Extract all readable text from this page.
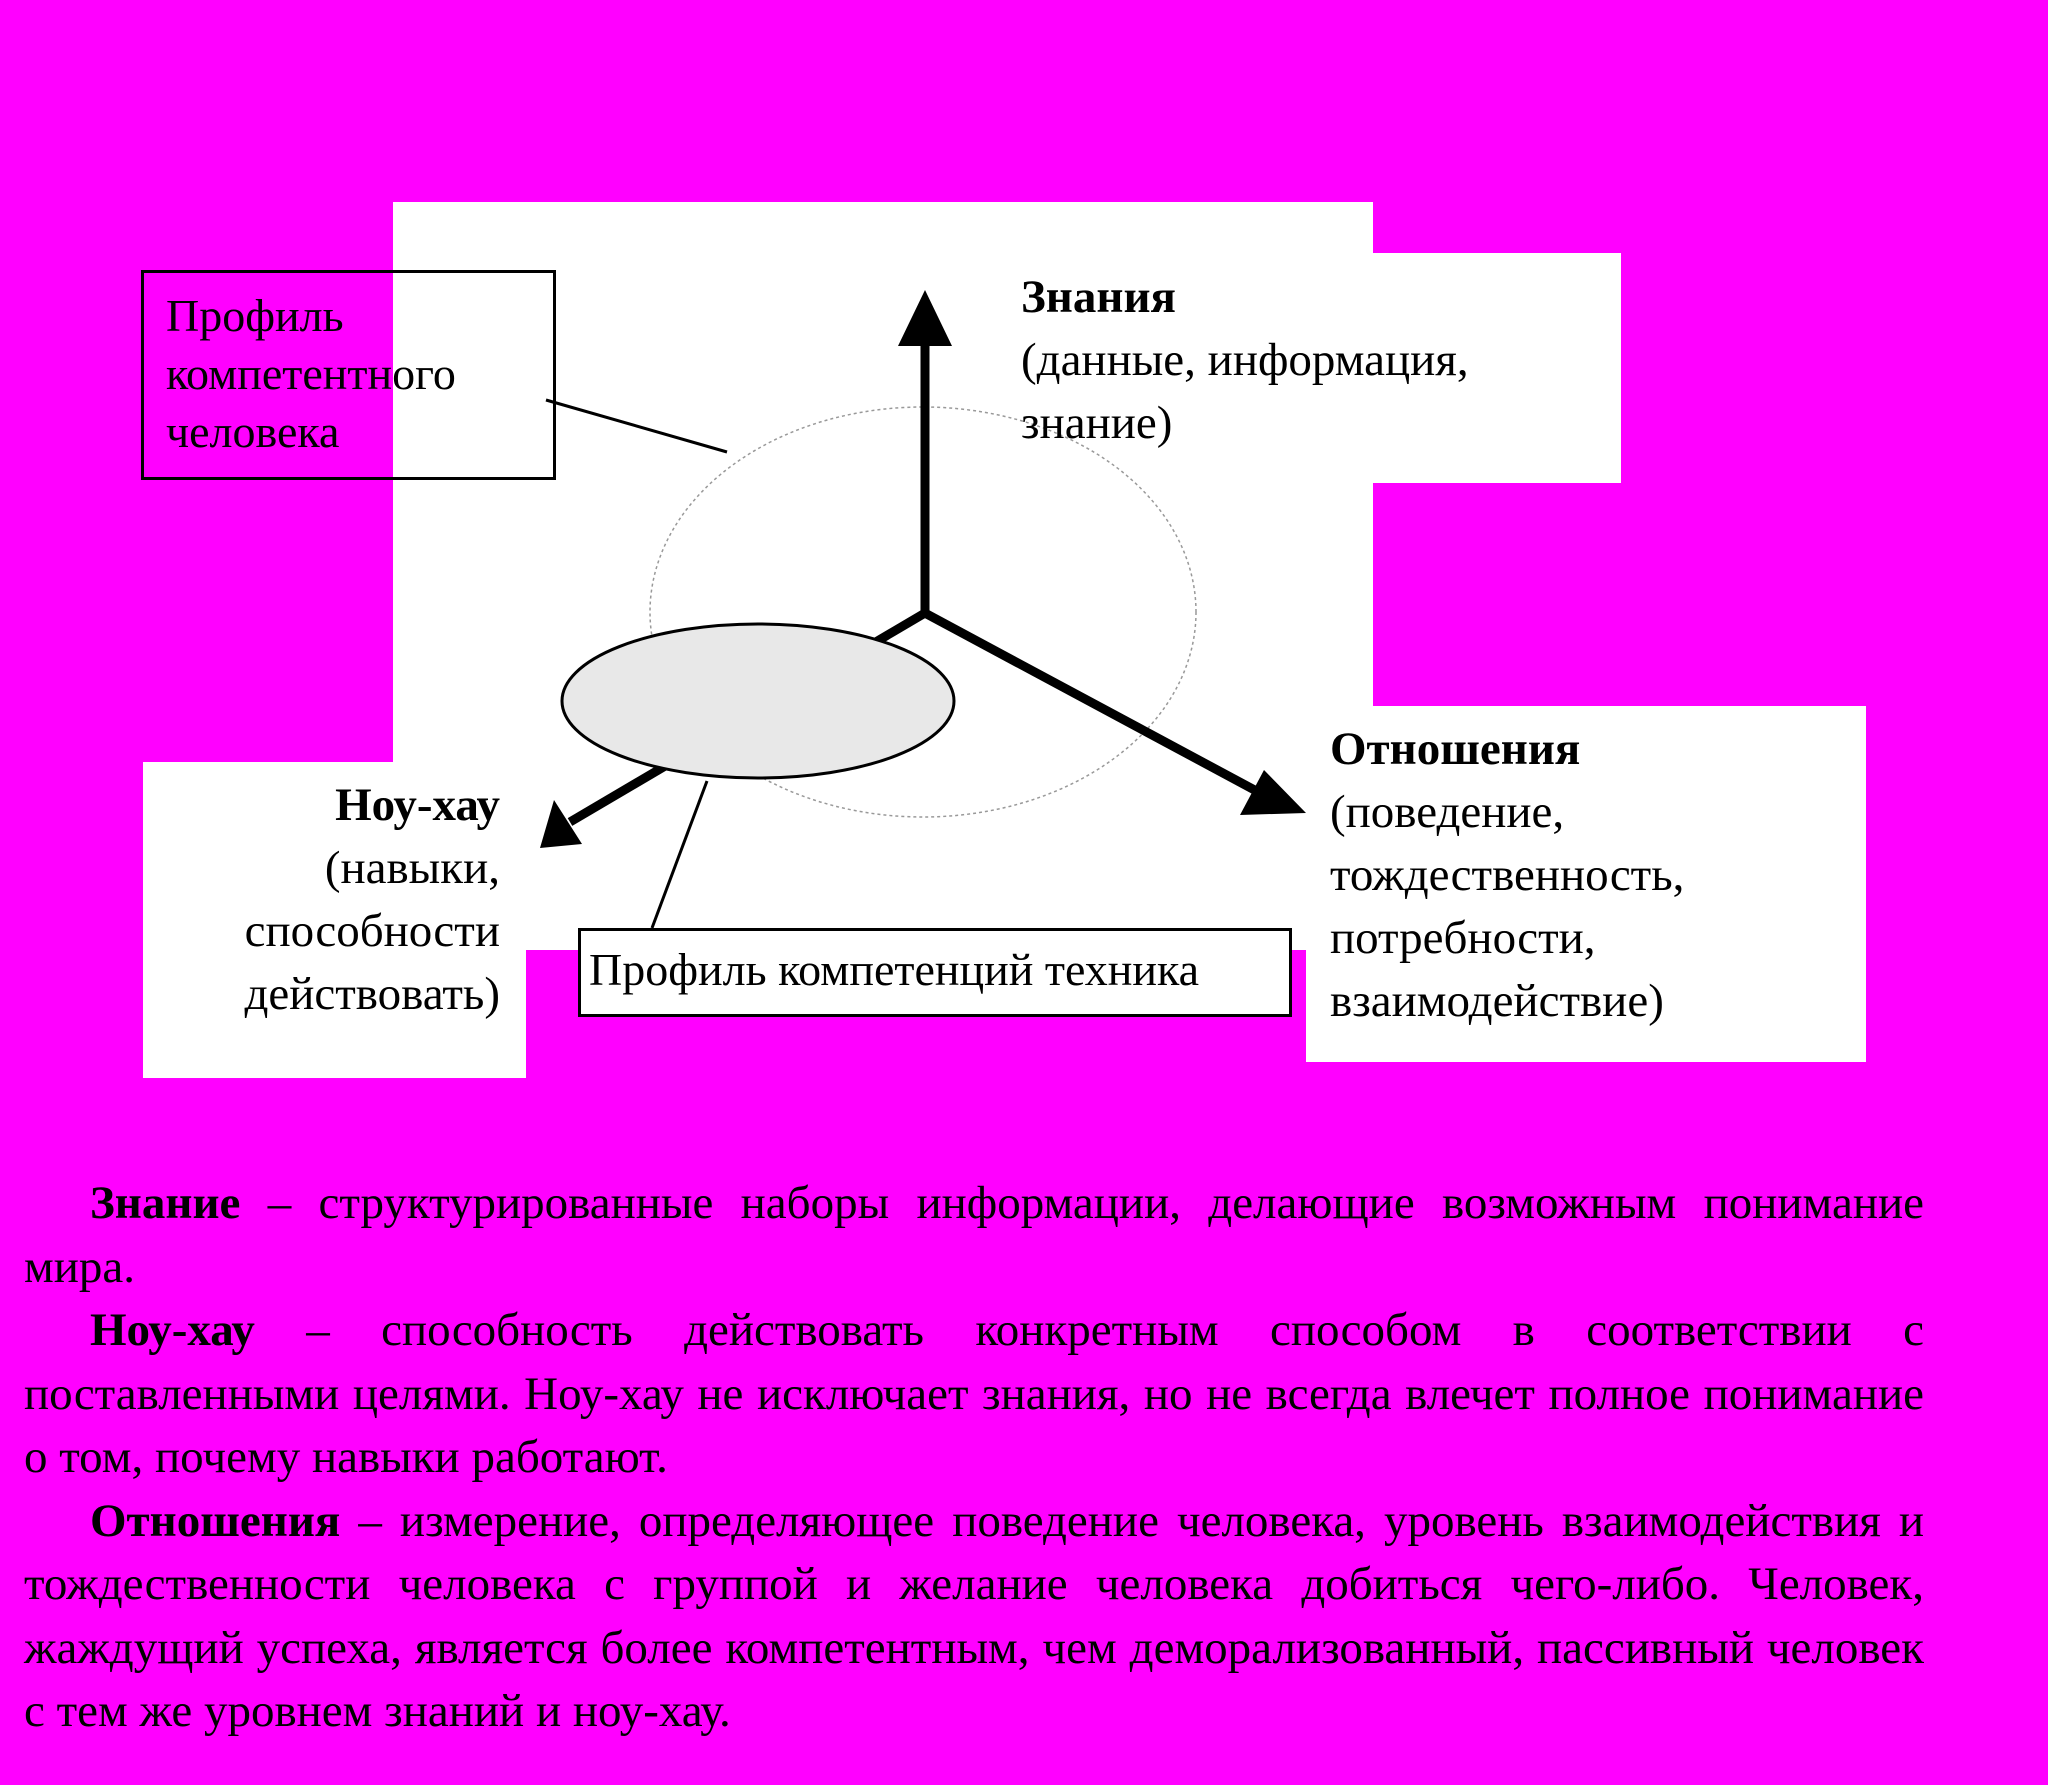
Знания
(данные, информация,
знание)
Ноу-хау
(навыки,
способности
действовать)
Отношения
(поведение,
тождественность,
потребности,
взаимодействие)
Профиль
компетентного
человека
Профиль компетенций техника

Знание – структурированные наборы информации, делающие возможным понимание мира.

Ноу-хау – способность действовать конкретным способом в соответствии с поставленными целями. Ноу-хау не исключает знания, но не всегда влечет полное понимание о том, почему навыки работают.

Отношения – измерение, определяющее поведение человека, уровень взаимодействия и тождественности человека с группой и желание человека добиться чего-либо. Человек, жаждущий успеха, является более компетентным, чем деморализованный, пассивный человек с тем же уровнем знаний и ноу-хау.
